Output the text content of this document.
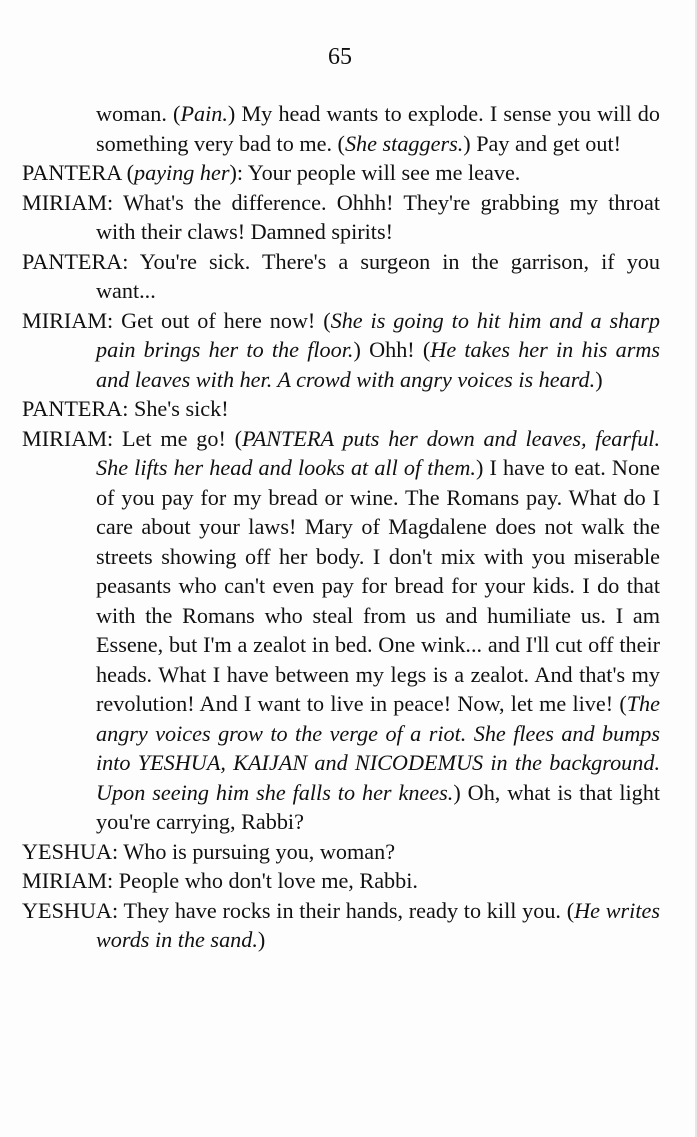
65

woman. (Pain.) My head wants to explode. I sense you will do something very bad to me. (She staggers.) Pay and get out!

PANTERA (paying her): Your people will see me leave.

MIRIAM: What's the difference. Ohhh! They're grabbing my throat with their claws! Damned spirits!

PANTERA: You're sick. There's a surgeon in the garrison, if you want...

MIRIAM: Get out of here now! (She is going to hit him and a sharp pain brings her to the floor.) Ohh! (He takes her in his arms and leaves with her. A crowd with angry voices is heard.)

PANTERA: She's sick!

MIRIAM: Let me go! (PANTERA puts her down and leaves, fearful. She lifts her head and looks at all of them.) I have to eat. None of you pay for my bread or wine. The Romans pay. What do I care about your laws! Mary of Magdalene does not walk the streets showing off her body. I don't mix with you miserable peasants who can't even pay for bread for your kids. I do that with the Romans who steal from us and humiliate us. I am Essene, but I'm a zealot in bed. One wink... and I'll cut off their heads. What I have between my legs is a zealot. And that's my revolution! And I want to live in peace! Now, let me live! (The angry voices grow to the verge of a riot. She flees and bumps into YESHUA, KAIJAN and NICODEMUS in the background. Upon seeing him she falls to her knees.) Oh, what is that light you're carrying, Rabbi?

YESHUA: Who is pursuing you, woman?

MIRIAM: People who don't love me, Rabbi.

YESHUA: They have rocks in their hands, ready to kill you. (He writes words in the sand.)
